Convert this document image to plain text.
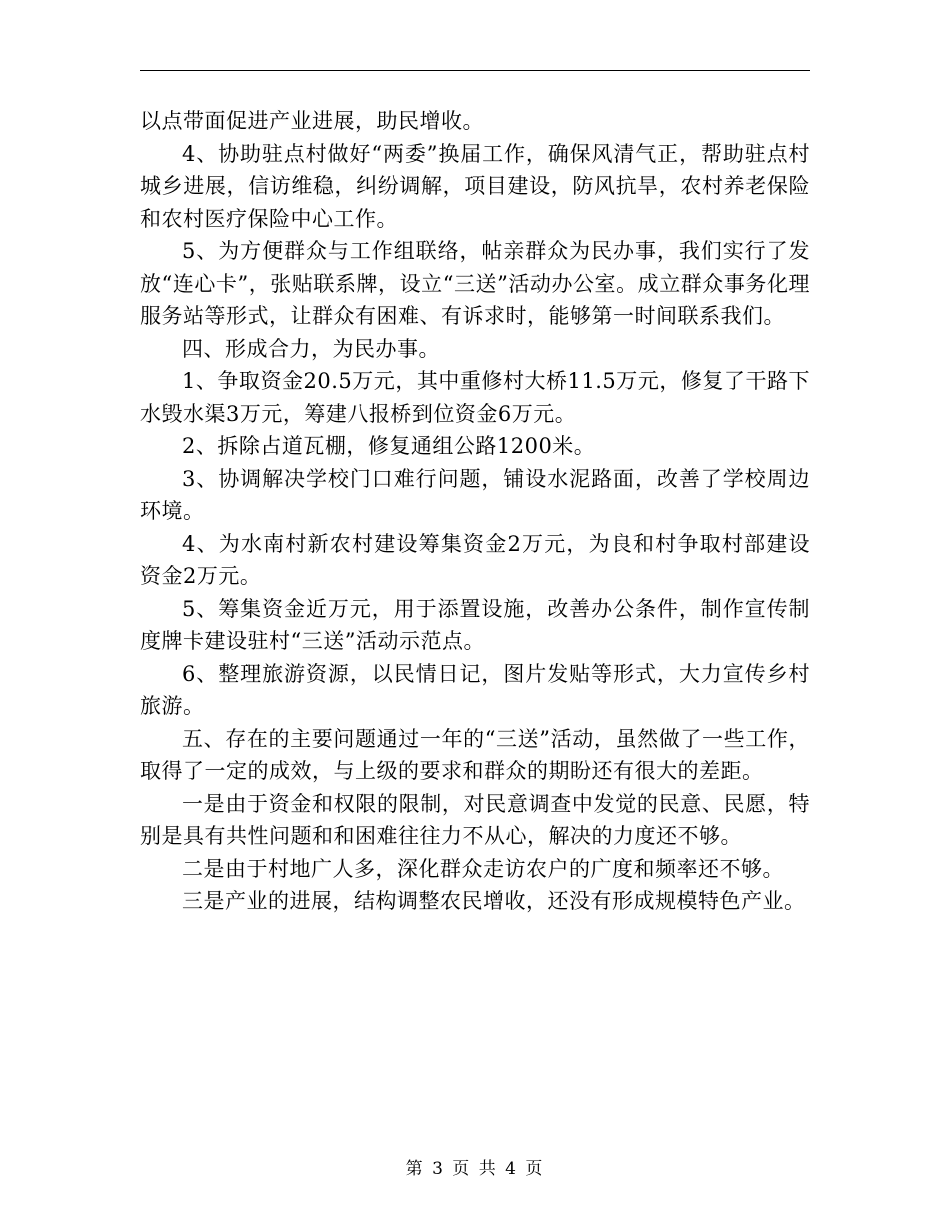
以点带面促进产业进展，助民增收。

4、协助驻点村做好“两委”换届工作，确保风清气正，帮助驻点村城乡进展，信访维稳，纠纷调解，项目建设，防风抗旱，农村养老保险和农村医疗保险中心工作。

5、为方便群众与工作组联络，帖亲群众为民办事，我们实行了发放“连心卡”，张贴联系牌，设立“三送”活动办公室。成立群众事务化理服务站等形式，让群众有困难、有诉求时，能够第一时间联系我们。

四、形成合力，为民办事。

1、争取资金20.5万元，其中重修村大桥11.5万元，修复了干路下水毁水渠3万元，筹建八报桥到位资金6万元。

2、拆除占道瓦棚，修复通组公路1200米。

3、协调解决学校门口难行问题，铺设水泥路面，改善了学校周边环境。

4、为水南村新农村建设筹集资金2万元，为良和村争取村部建设资金2万元。

5、筹集资金近万元，用于添置设施，改善办公条件，制作宣传制度牌卡建设驻村“三送”活动示范点。

6、整理旅游资源，以民情日记，图片发贴等形式，大力宣传乡村旅游。

五、存在的主要问题通过一年的“三送”活动，虽然做了一些工作，取得了一定的成效，与上级的要求和群众的期盼还有很大的差距。

一是由于资金和权限的限制，对民意调查中发觉的民意、民愿，特别是具有共性问题和和困难往往力不从心，解决的力度还不够。

二是由于村地广人多，深化群众走访农户的广度和频率还不够。

三是产业的进展，结构调整农民增收，还没有形成规模特色产业。

第 3 页 共 4 页
